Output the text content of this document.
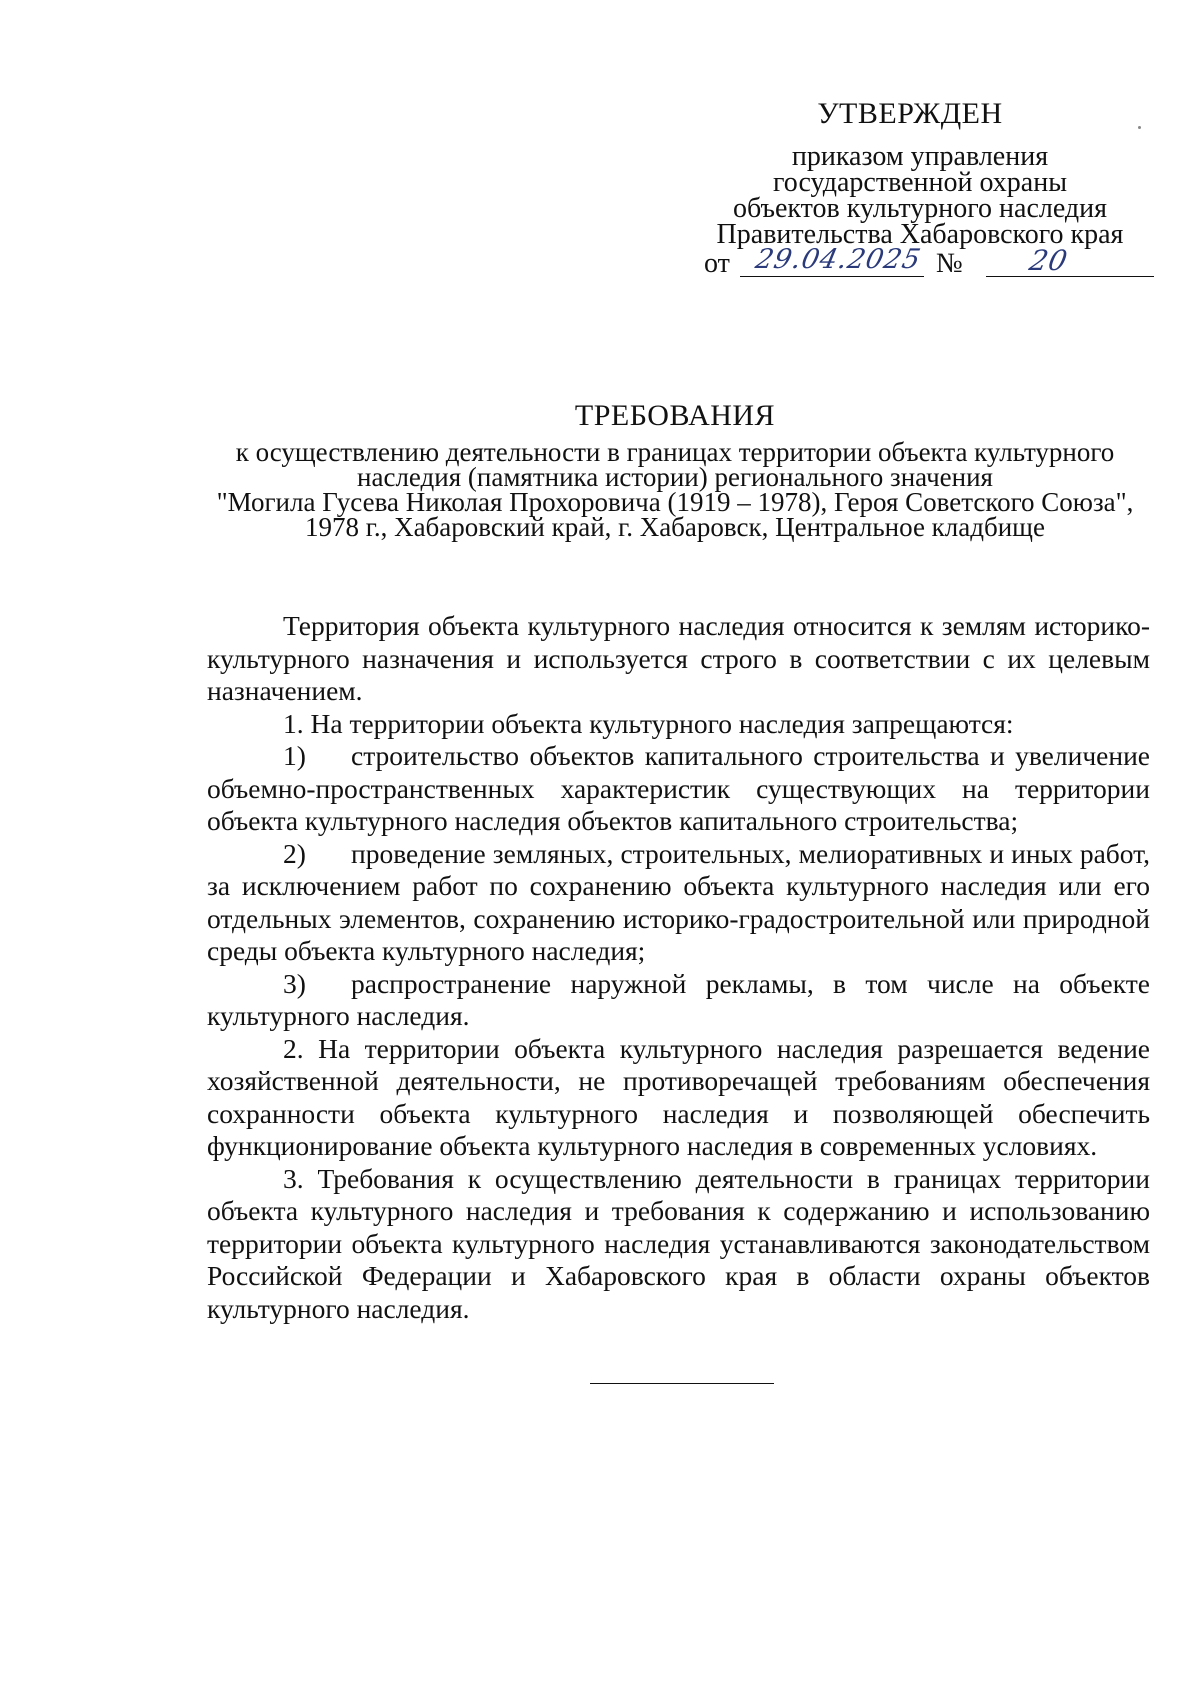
УТВЕРЖДЕН
приказом управления
государственной охраны
объектов культурного наследия
Правительства Хабаровского края
от 29.04.2025 № 20
ТРЕБОВАНИЯ
к осуществлению деятельности в границах территории объекта культурного
наследия (памятника истории) регионального значения
"Могила Гусева Николая Прохоровича (1919 – 1978), Героя Советского Союза",
1978 г., Хабаровский край, г. Хабаровск, Центральное кладбище

Территория объекта культурного наследия относится к землям историко-культурного назначения и используется строго в соответствии с их целевым назначением.

1. На территории объекта культурного наследия запрещаются:

1) строительство объектов капитального строительства и увеличение объемно-пространственных характеристик существующих на территории объекта культурного наследия объектов капитального строительства;

2) проведение земляных, строительных, мелиоративных и иных работ, за исключением работ по сохранению объекта культурного наследия или его отдельных элементов, сохранению историко-градостроительной или природной среды объекта культурного наследия;

3) распространение наружной рекламы, в том числе на объекте культурного наследия.

2. На территории объекта культурного наследия разрешается ведение хозяйственной деятельности, не противоречащей требованиям обеспечения сохранности объекта культурного наследия и позволяющей обеспечить функционирование объекта культурного наследия в современных условиях.

3. Требования к осуществлению деятельности в границах территории объекта культурного наследия и требования к содержанию и использованию территории объекта культурного наследия устанавливаются законодательством Российской Федерации и Хабаровского края в области охраны объектов культурного наследия.
